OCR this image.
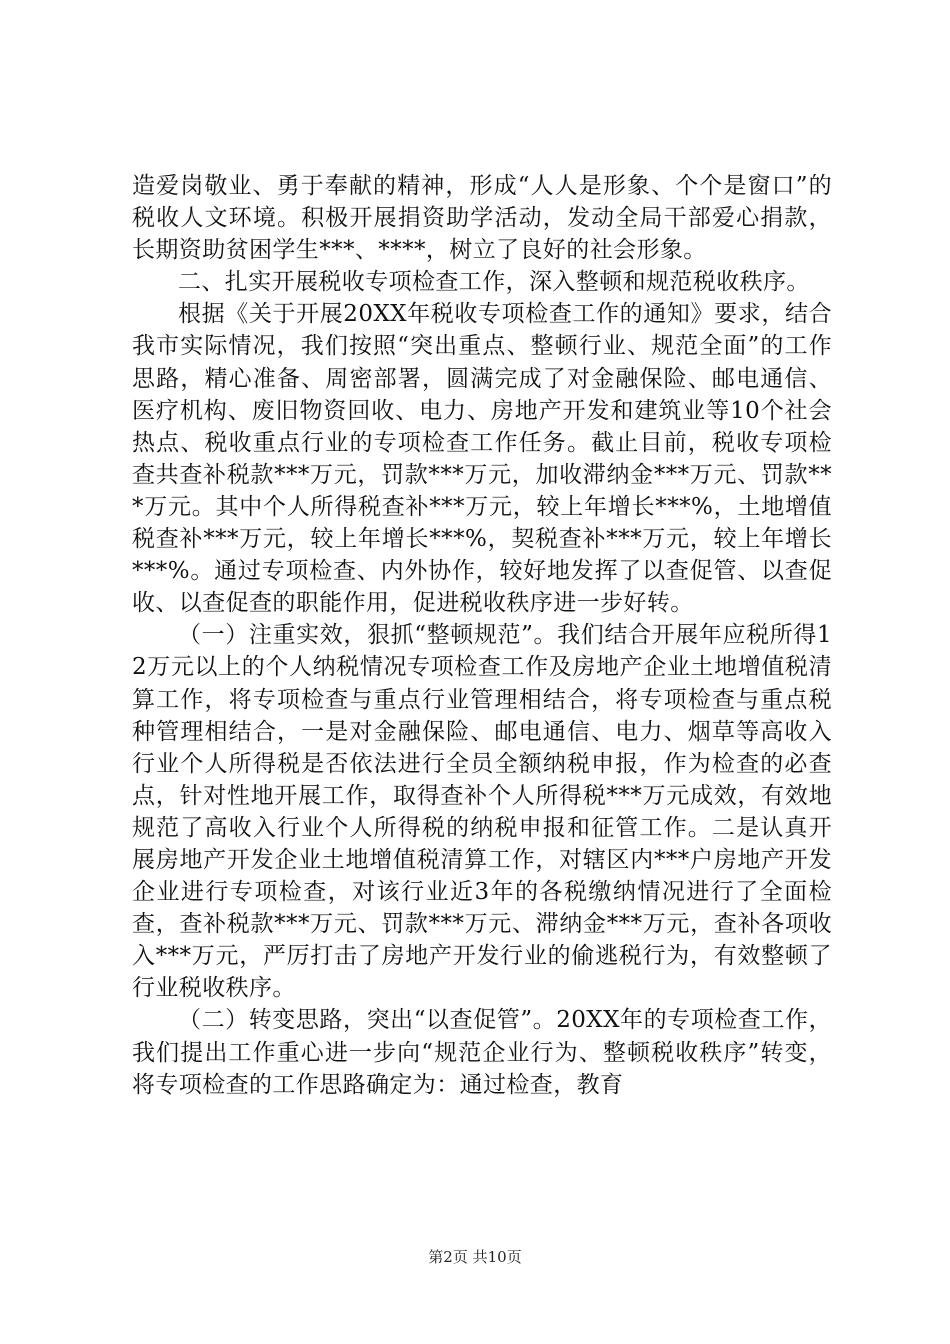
造爱岗敬业、勇于奉献的精神，形成“人人是形象、个个是窗口”的税收人文环境。积极开展捐资助学活动，发动全局干部爱心捐款，长期资助贫困学生***、****，树立了良好的社会形象。

二、扎实开展税收专项检查工作，深入整顿和规范税收秩序。

根据《关于开展20XX年税收专项检查工作的通知》要求，结合我市实际情况，我们按照“突出重点、整顿行业、规范全面”的工作思路，精心准备、周密部署，圆满完成了对金融保险、邮电通信、医疗机构、废旧物资回收、电力、房地产开发和建筑业等10个社会热点、税收重点行业的专项检查工作任务。截止目前，税收专项检查共查补税款***万元，罚款***万元，加收滞纳金***万元、罚款***万元。其中个人所得税查补***万元，较上年增长***%，土地增值税查补***万元，较上年增长***%，契税查补***万元，较上年增长***%。通过专项检查、内外协作，较好地发挥了以查促管、以查促收、以查促查的职能作用，促进税收秩序进一步好转。

（一）注重实效，狠抓“整顿规范”。我们结合开展年应税所得12万元以上的个人纳税情况专项检查工作及房地产企业土地增值税清算工作，将专项检查与重点行业管理相结合，将专项检查与重点税种管理相结合，一是对金融保险、邮电通信、电力、烟草等高收入行业个人所得税是否依法进行全员全额纳税申报，作为检查的必查点，针对性地开展工作，取得查补个人所得税***万元成效，有效地规范了高收入行业个人所得税的纳税申报和征管工作。二是认真开展房地产开发企业土地增值税清算工作，对辖区内***户房地产开发企业进行专项检查，对该行业近3年的各税缴纳情况进行了全面检查，查补税款***万元、罚款***万元、滞纳金***万元，查补各项收入***万元，严厉打击了房地产开发行业的偷逃税行为，有效整顿了行业税收秩序。

（二）转变思路，突出“以查促管”。20XX年的专项检查工作，我们提出工作重心进一步向“规范企业行为、整顿税收秩序”转变，将专项检查的工作思路确定为：通过检查，教育

第2页 共10页
